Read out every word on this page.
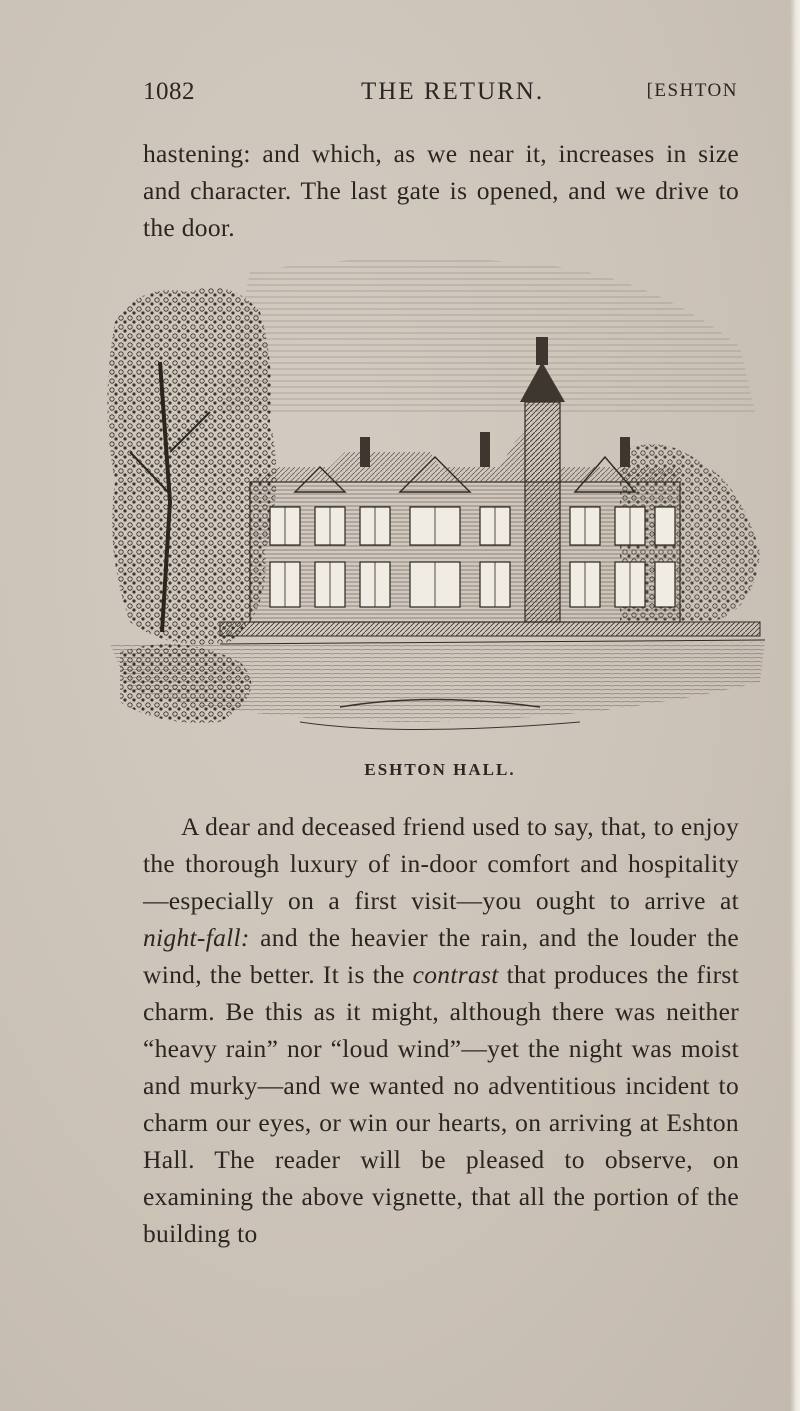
1082	THE RETURN.	[ESHTON

hastening: and which, as we near it, increases in size and character. The last gate is opened, and we drive to the door.

ESHTON HALL.

A dear and deceased friend used to say, that, to enjoy the thorough luxury of in-door comfort and hospitality—especially on a first visit—you ought to arrive at night-fall: and the heavier the rain, and the louder the wind, the better. It is the contrast that produces the first charm. Be this as it might, although there was neither “heavy rain” nor “loud wind”—yet the night was moist and murky—and we wanted no adventitious incident to charm our eyes, or win our hearts, on arriving at Eshton Hall. The reader will be pleased to observe, on examining the above vignette, that all the portion of the building to
